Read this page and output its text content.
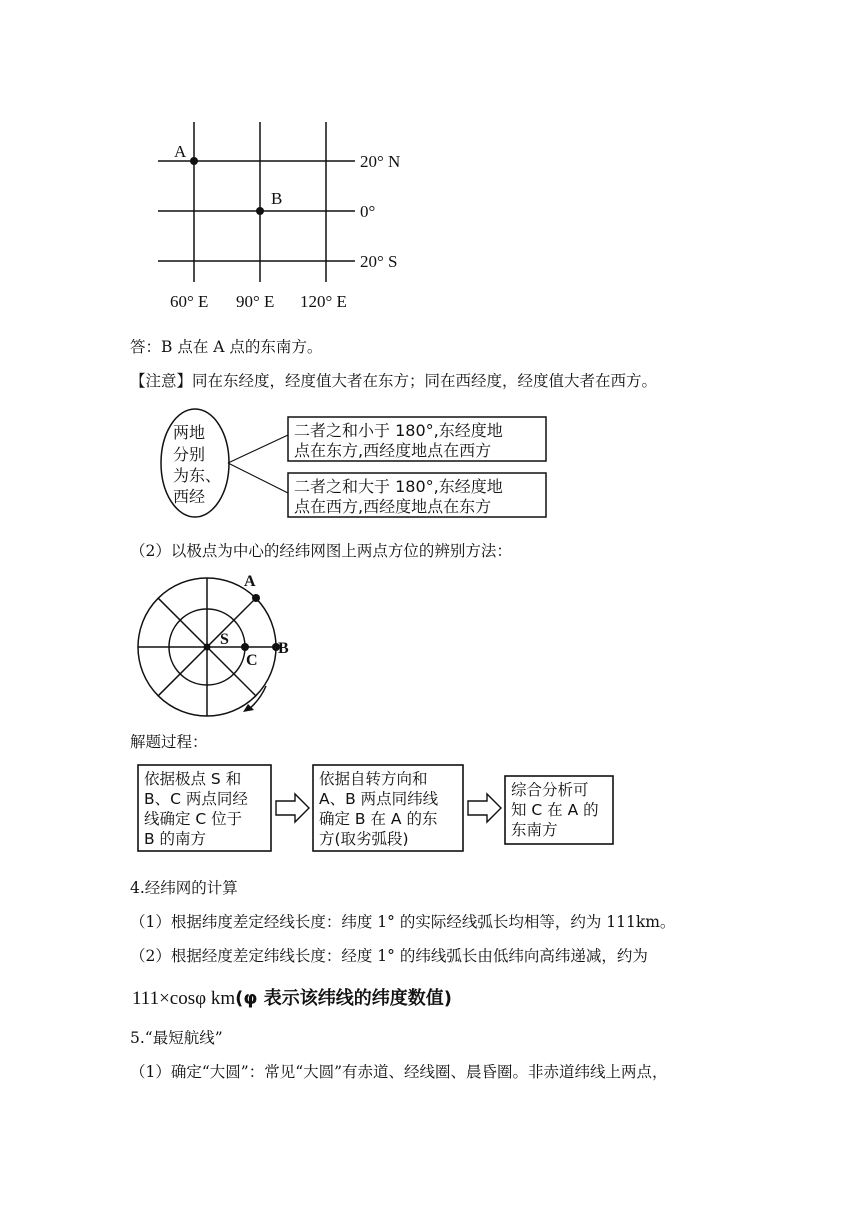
A
B
20° N
0°
20° S
60° E 90° E 120° E
答：B 点在 A 点的东南方。
【注意】同在东经度，经度值大者在东方；同在西经度，经度值大者在西方。
两地
分别
为东、
西经
二者之和小于 180°,东经度地
点在东方,西经度地点在西方
二者之和大于 180°,东经度地
点在西方,西经度地点在东方
（2）以极点为中心的经纬网图上两点方位的辨别方法：
S
A
B
C
解题过程：
依据极点 S 和
B、C 两点同经
线确定 C 位于
B 的南方
依据自转方向和
A、B 两点同纬线
确定 B 在 A 的东
方(取劣弧段)
综合分析可
知 C 在 A 的
东南方
4.经纬网的计算
（1）根据纬度差定经线长度：纬度 1° 的实际经线弧长均相等，约为 111km。
（2）根据经度差定纬线长度：经度 1° 的纬线弧长由低纬向高纬递减，约为
111×cosφ km(φ 表示该纬线的纬度数值)
5.“最短航线”
（1）确定“大圆”：常见“大圆”有赤道、经线圈、晨昏圈。非赤道纬线上两点，
